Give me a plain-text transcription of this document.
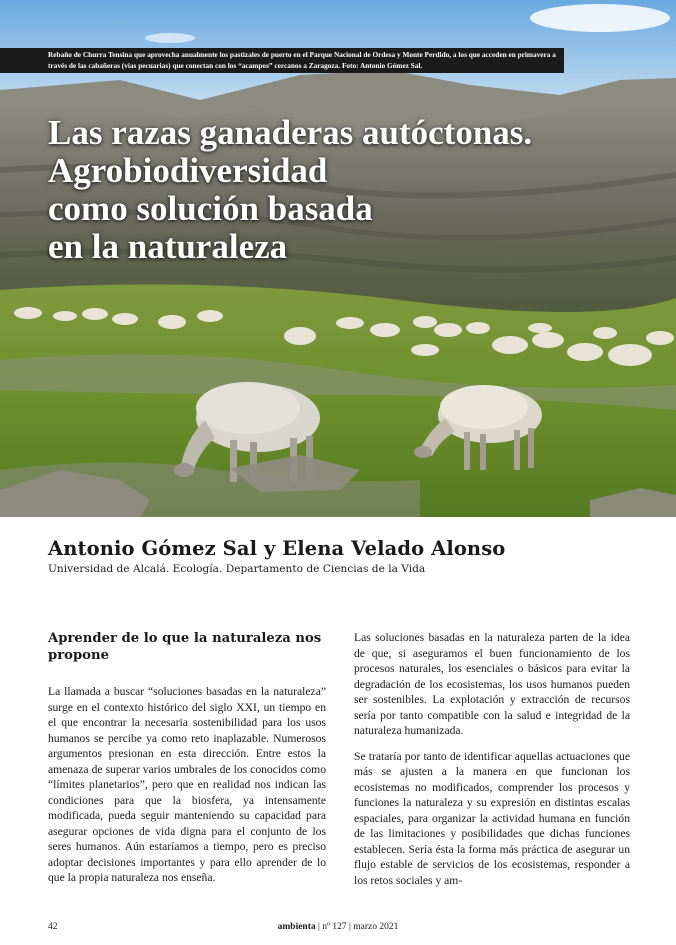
Rebaño de Churra Tensina que aprovecha anualmente los pastizales de puerto en el Parque Nacional de Ordesa y Monte Perdido, a los que acceden en primavera a través de las cabañeras (vías pecuarias) que conectan con los “acampos” cercanos a Zaragoza. Foto: Antonio Gómez Sal.
Las razas ganaderas autóctonas.
Agrobiodiversidad
como solución basada
en la naturaleza
Antonio Gómez Sal y Elena Velado Alonso
Universidad de Alcalá. Ecología. Departamento de Ciencias de la Vida
Aprender de lo que la naturaleza nos propone

La llamada a buscar “soluciones basadas en la naturaleza” surge en el contexto histórico del siglo XXI, un tiempo en el que encontrar la necesaria sostenibilidad para los usos humanos se percibe ya como reto inaplazable. Numerosos argumentos presionan en esta dirección. Entre estos la amenaza de superar varios umbrales de los conocidos como “límites planetarios”, pero que en realidad nos indican las condiciones para que la biosfera, ya intensamente modificada, pueda seguir manteniendo su capacidad para asegurar opciones de vida digna para el conjunto de los seres humanos. Aún estaríamos a tiempo, pero es preciso adoptar decisiones importantes y para ello aprender de lo que la propia naturaleza nos enseña.

Las soluciones basadas en la naturaleza parten de la idea de que, si aseguramos el buen funcionamiento de los procesos naturales, los esenciales o básicos para evitar la degradación de los ecosistemas, los usos humanos pueden ser sostenibles. La explotación y extracción de recursos sería por tanto compatible con la salud e integridad de la naturaleza humanizada.

Se trataría por tanto de identificar aquellas actuaciones que más se ajusten a la manera en que funcionan los ecosistemas no modificados, comprender los procesos y funciones la naturaleza y su expresión en distintas escalas espaciales, para organizar la actividad humana en función de las limitaciones y posibilidades que dichas funciones establecen. Sería ésta la forma más práctica de asegurar un flujo estable de servicios de los ecosistemas, responder a los retos sociales y am-

42	ambienta | nº 127 | marzo 2021
